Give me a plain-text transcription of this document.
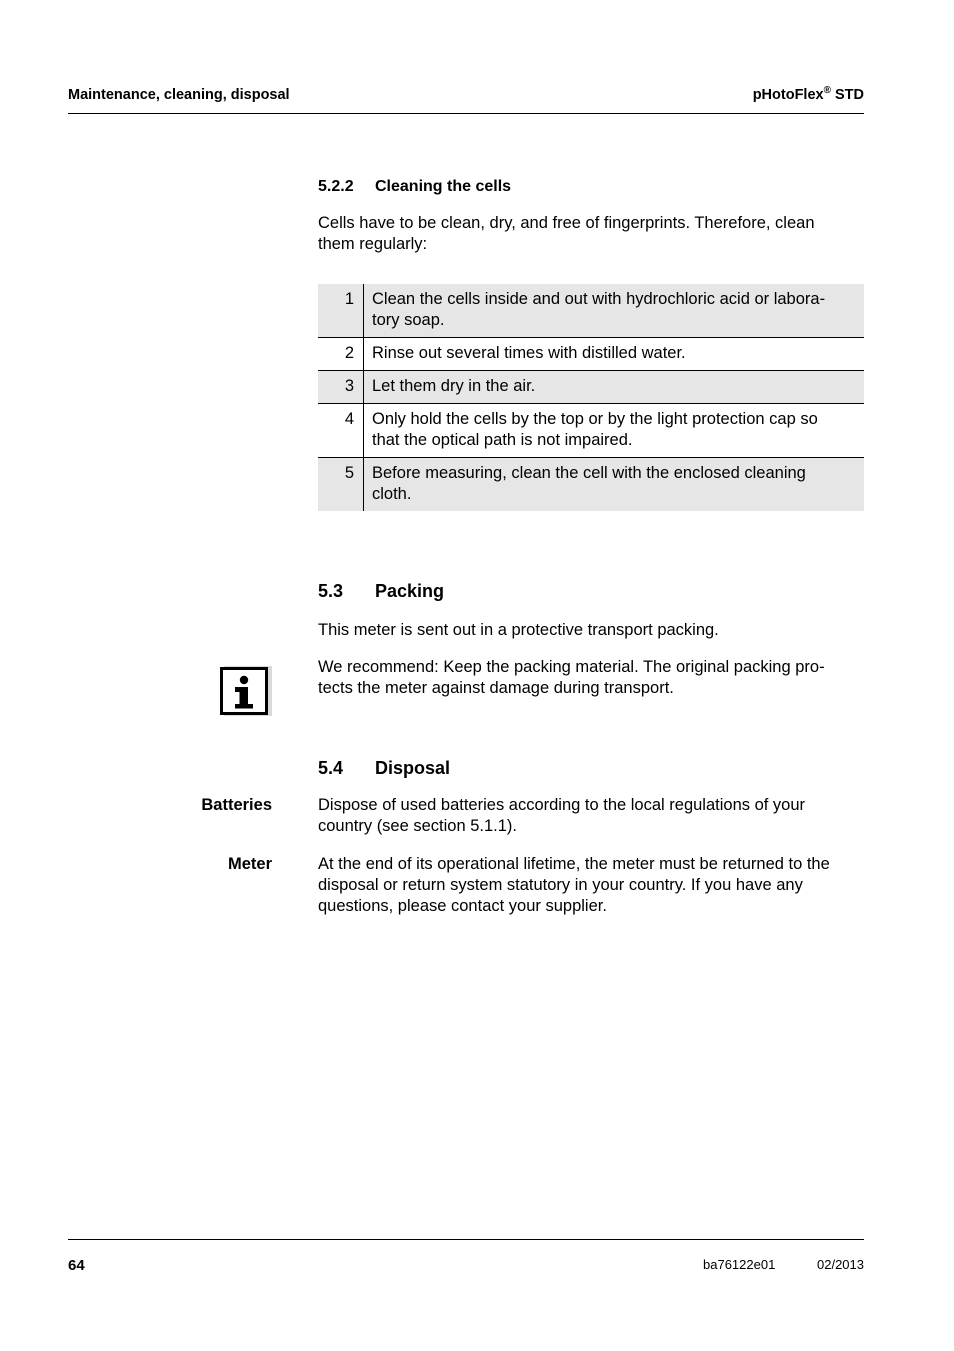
Maintenance, cleaning, disposal	pHotoFlex® STD
5.2.2 Cleaning the cells
Cells have to be clean, dry, and free of fingerprints. Therefore, clean
them regularly:
1	Clean the cells inside and out with hydrochloric acid or labora-
tory soap.

2	Rinse out several times with distilled water.
3	Let them dry in the air.
4	Only hold the cells by the top or by the light protection cap so
that the optical path is not impaired.

5	Before measuring, clean the cell with the enclosed cleaning
cloth.
5.3 Packing
This meter is sent out in a protective transport packing.
We recommend: Keep the packing material. The original packing pro-
tects the meter against damage during transport.
5.4 Disposal
Batteries	Dispose of used batteries according to the local regulations of your
country (see section 5.1.1).
Meter	At the end of its operational lifetime, the meter must be returned to the
disposal or return system statutory in your country. If you have any
questions, please contact your supplier.
64	ba76122e01	02/2013
